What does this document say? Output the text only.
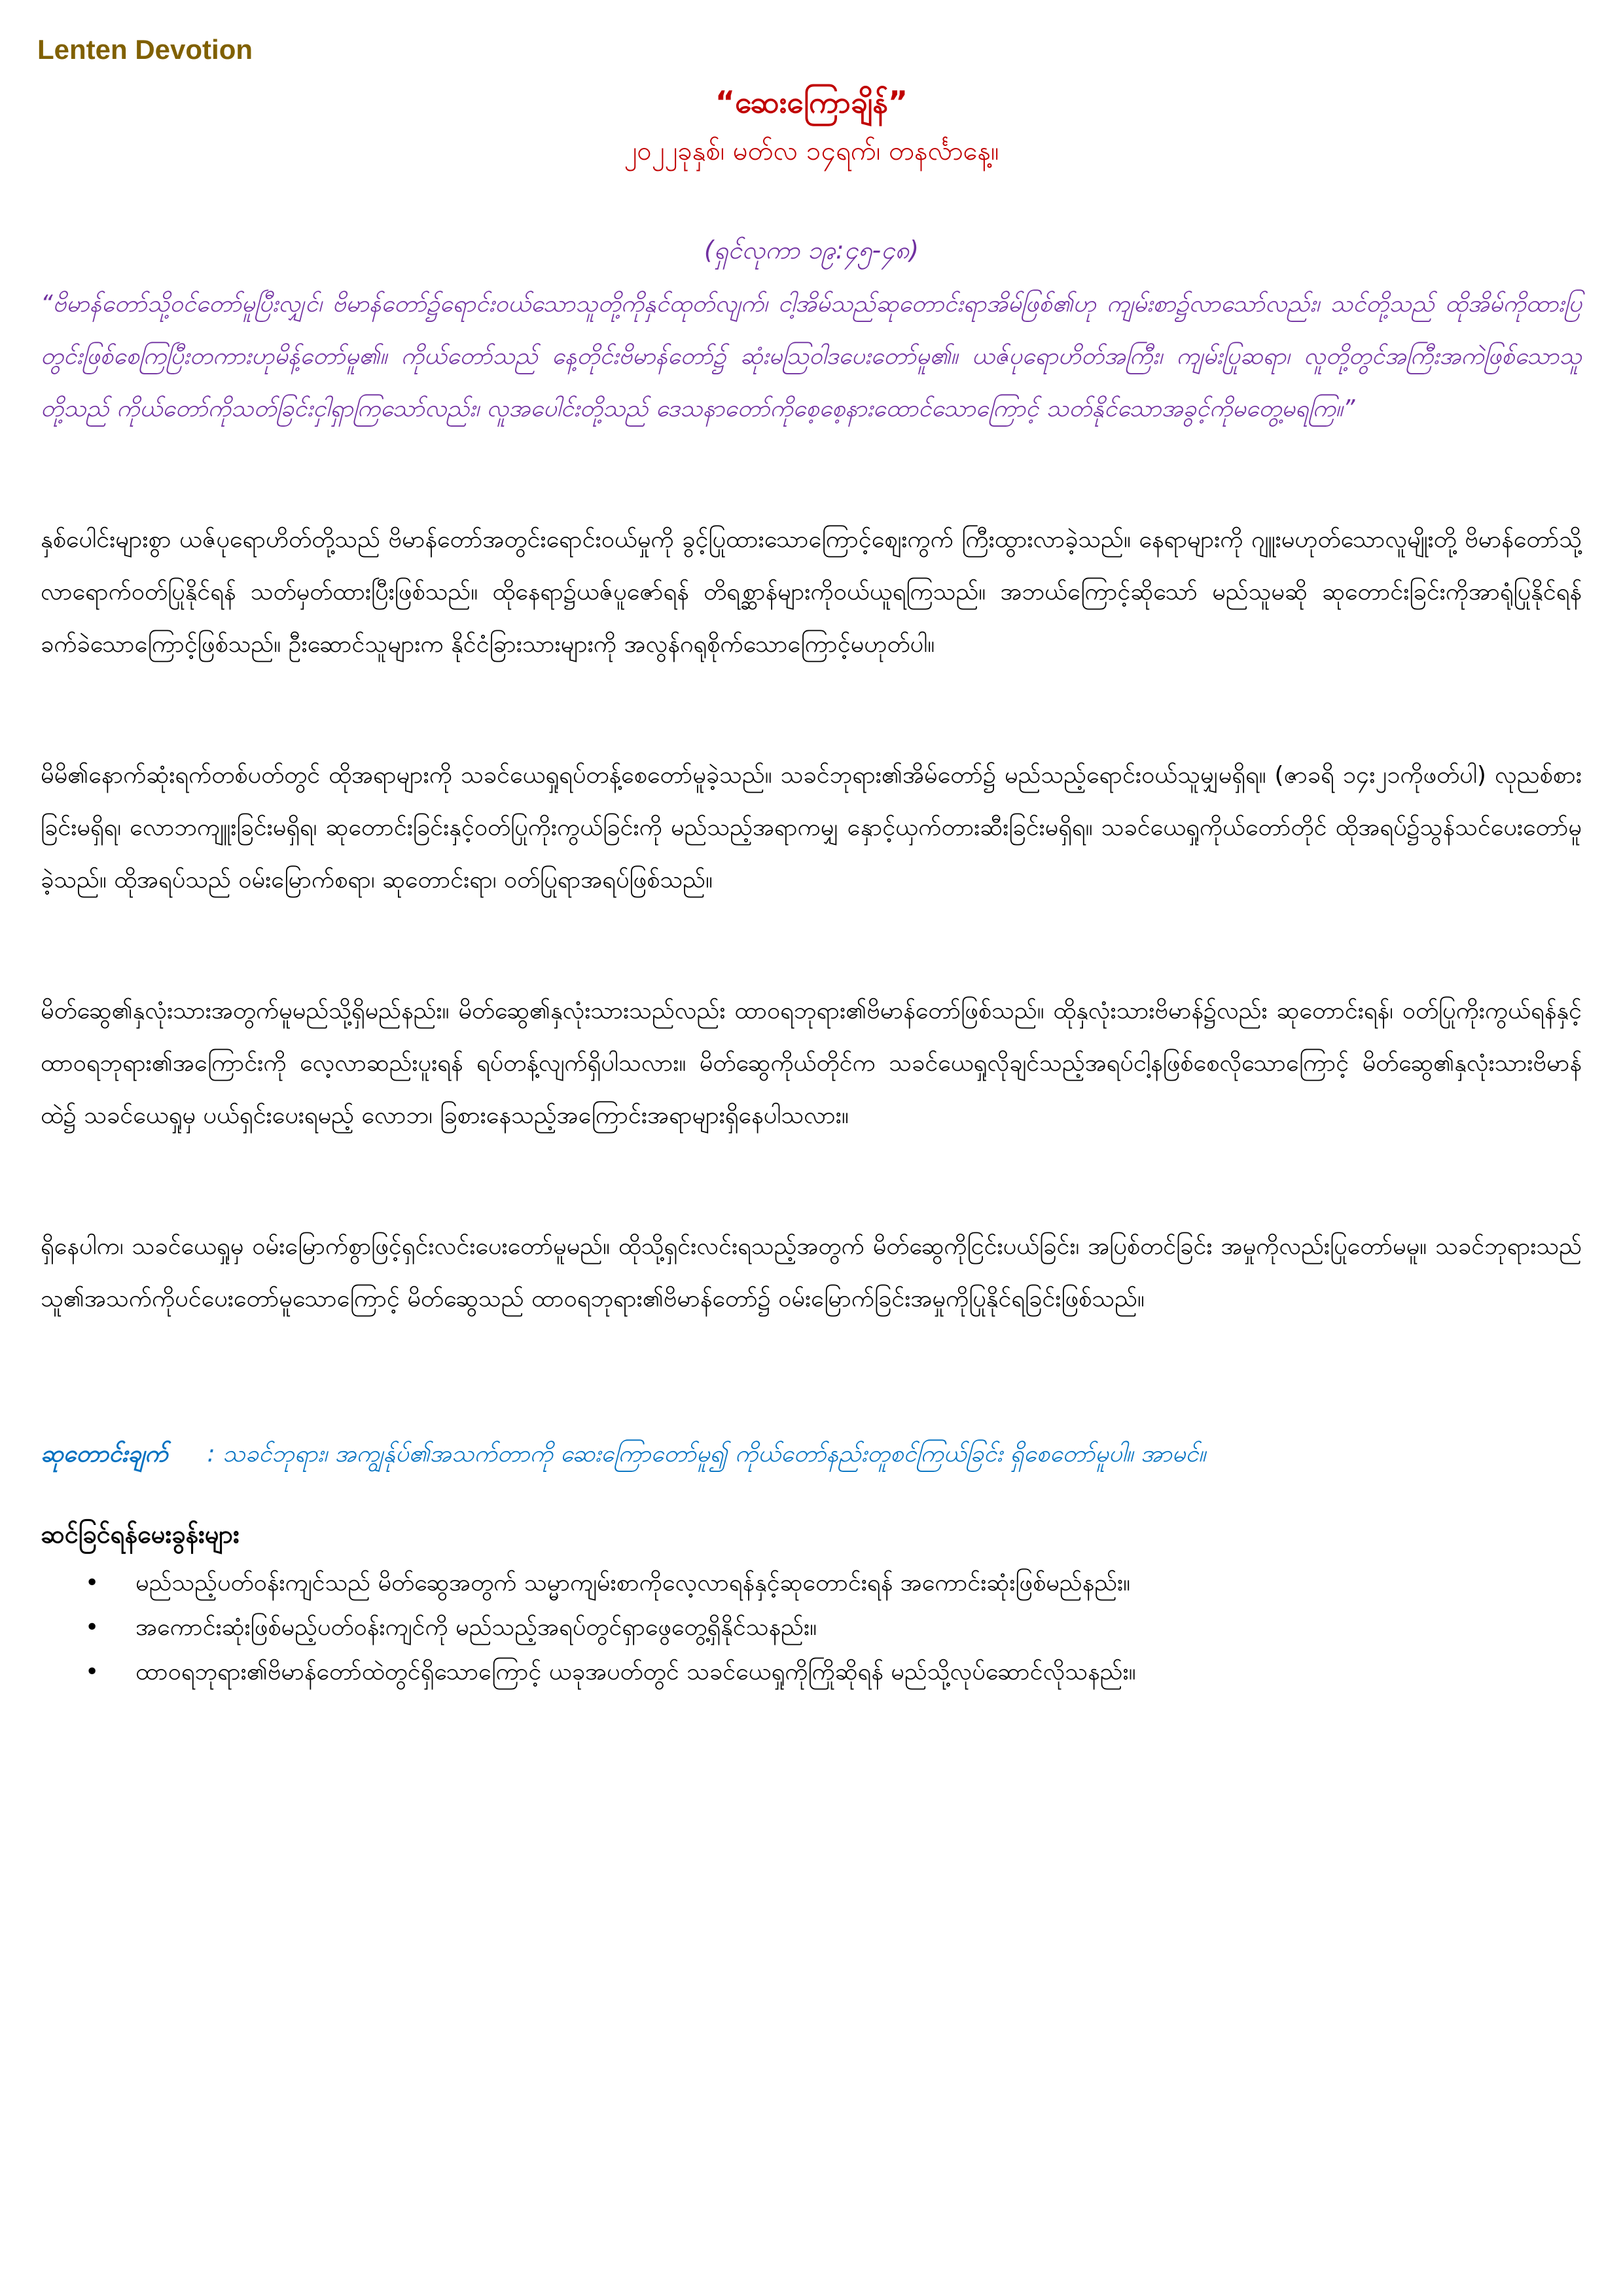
Lenten Devotion
“ဆေးကြောချိန်”
၂၀၂၂ခုနှစ်၊ မတ်လ ၁၄ရက်၊ တနင်္လာနေ့။
(ရှင်လုကာ ၁၉:၄၅-၄၈)
“ဗိမာန်တော်သို့ဝင်တော်မူပြီးလျှင်၊ ဗိမာန်တော်၌ရောင်းဝယ်သောသူတို့ကိုနှင်ထုတ်လျက်၊ ငါ့အိမ်သည်ဆုတောင်းရာအိမ်ဖြစ်၏ဟု ကျမ်းစာ၌လာသော်လည်း၊ သင်တို့သည် ထိုအိမ်ကိုထားပြတွင်းဖြစ်စေကြပြီးတကားဟုမိန့်တော်မူ၏။ ကိုယ်တော်သည် နေ့တိုင်းဗိမာန်တော်၌ ဆုံးမဩဝါဒပေးတော်မူ၏။ ယဇ်ပုရောဟိတ်အကြီး၊ ကျမ်းပြုဆရာ၊ လူတို့တွင်အကြီးအကဲဖြစ်သောသူတို့သည် ကိုယ်တော်ကိုသတ်ခြင်းငှါရှာကြသော်လည်း၊ လူအပေါင်းတို့သည် ဒေသနာတော်ကိုစေ့စေ့နားထောင်သောကြောင့် သတ်နိုင်သောအခွင့်ကိုမတွေ့မရကြ။”
နှစ်ပေါင်းများစွာ ယဇ်ပုရောဟိတ်တို့သည် ဗိမာန်တော်အတွင်းရောင်းဝယ်မှုကို ခွင့်ပြုထားသောကြောင့်စျေးကွက် ကြီးထွားလာခဲ့သည်။ နေရာများကို ဂျူးမဟုတ်သောလူမျိုးတို့ ဗိမာန်တော်သို့လာရောက်ဝတ်ပြုနိုင်ရန် သတ်မှတ်ထားပြီးဖြစ်သည်။ ထိုနေရာ၌ယဇ်ပူဇော်ရန် တိရစ္ဆာန်များကိုဝယ်ယူရကြသည်။ အဘယ်ကြောင့်ဆိုသော် မည်သူမဆို ဆုတောင်းခြင်းကိုအာရုံပြုနိုင်ရန်ခက်ခဲသောကြောင့်ဖြစ်သည်။ ဦးဆောင်သူများက နိုင်ငံခြားသားများကို အလွန်ဂရုစိုက်သောကြောင့်မဟုတ်ပါ။
မိမိ၏နောက်ဆုံးရက်တစ်ပတ်တွင် ထိုအရာများကို သခင်ယေရှုရပ်တန့်စေတော်မူခဲ့သည်။ သခင်ဘုရား၏အိမ်တော်၌ မည်သည့်ရောင်းဝယ်သူမျှမရှိရ။ (ဇာခရိ ၁၄း၂၁ကိုဖတ်ပါ) လုညစ်စားခြင်းမရှိရ၊ လောဘကျူးခြင်းမရှိရ၊ ဆုတောင်းခြင်းနှင့်ဝတ်ပြုကိုးကွယ်ခြင်းကို မည်သည့်အရာကမျှ နှောင့်ယှက်တားဆီးခြင်းမရှိရ။ သခင်ယေရှုကိုယ်တော်တိုင် ထိုအရပ်၌သွန်သင်ပေးတော်မူခဲ့သည်။ ထိုအရပ်သည် ဝမ်းမြောက်စရာ၊ ဆုတောင်းရာ၊ ဝတ်ပြုရာအရပ်ဖြစ်သည်။
မိတ်ဆွေ၏နှလုံးသားအတွက်မူမည်သို့ရှိမည်နည်း။ မိတ်ဆွေ၏နှလုံးသားသည်လည်း ထာဝရဘုရား၏ဗိမာန်တော်ဖြစ်သည်။ ထိုနှလုံးသားဗိမာန်၌လည်း ဆုတောင်းရန်၊ ဝတ်ပြုကိုးကွယ်ရန်နှင့် ထာဝရဘုရား၏အကြောင်းကို လေ့လာဆည်းပူးရန် ရပ်တန့်လျက်ရှိပါသလား။ မိတ်ဆွေကိုယ်တိုင်က သခင်ယေရှုလိုချင်သည့်အရပ်ငါ့နဖြစ်စေလိုသောကြောင့် မိတ်ဆွေ၏နှလုံးသားဗိမာန်ထဲ၌ သခင်ယေရှုမှ ပယ်ရှင်းပေးရမည့် လောဘ၊ ခြစားနေသည့်အကြောင်းအရာများရှိနေပါသလား။
ရှိနေပါက၊ သခင်ယေရှုမှ ဝမ်းမြောက်စွာဖြင့်ရှင်းလင်းပေးတော်မူမည်။ ထိုသို့ရှင်းလင်းရသည့်အတွက် မိတ်ဆွေကိုငြင်းပယ်ခြင်း၊ အပြစ်တင်ခြင်း အမှုကိုလည်းပြုတော်မမူ။ သခင်ဘုရားသည် သူ၏အသက်ကိုပင်ပေးတော်မူသောကြောင့် မိတ်ဆွေသည် ထာဝရဘုရား၏ဗိမာန်တော်၌ ဝမ်းမြောက်ခြင်းအမှုကိုပြုနိုင်ရခြင်းဖြစ်သည်။
ဆုတောင်းချက် : သခင်ဘုရား၊ အကျွန်ုပ်၏အသက်တာကို ဆေးကြောတော်မူ၍ ကိုယ်တော်နည်းတူစင်ကြယ်ခြင်း ရှိစေတော်မူပါ။ အာမင်။
ဆင်ခြင်ရန်မေးခွန်းများ
• မည်သည့်ပတ်ဝန်းကျင်သည် မိတ်ဆွေအတွက် သမ္မာကျမ်းစာကိုလေ့လာရန်နှင့်ဆုတောင်းရန် အကောင်းဆုံးဖြစ်မည်နည်း။
• အကောင်းဆုံးဖြစ်မည့်ပတ်ဝန်းကျင်ကို မည်သည့်အရပ်တွင်ရှာဖွေတွေ့ရှိနိုင်သနည်း။
• ထာဝရဘုရား၏ဗိမာန်တော်ထဲတွင်ရှိသောကြောင့် ယခုအပတ်တွင် သခင်ယေရှုကိုကြိုဆိုရန် မည်သို့လုပ်ဆောင်လိုသနည်း။
